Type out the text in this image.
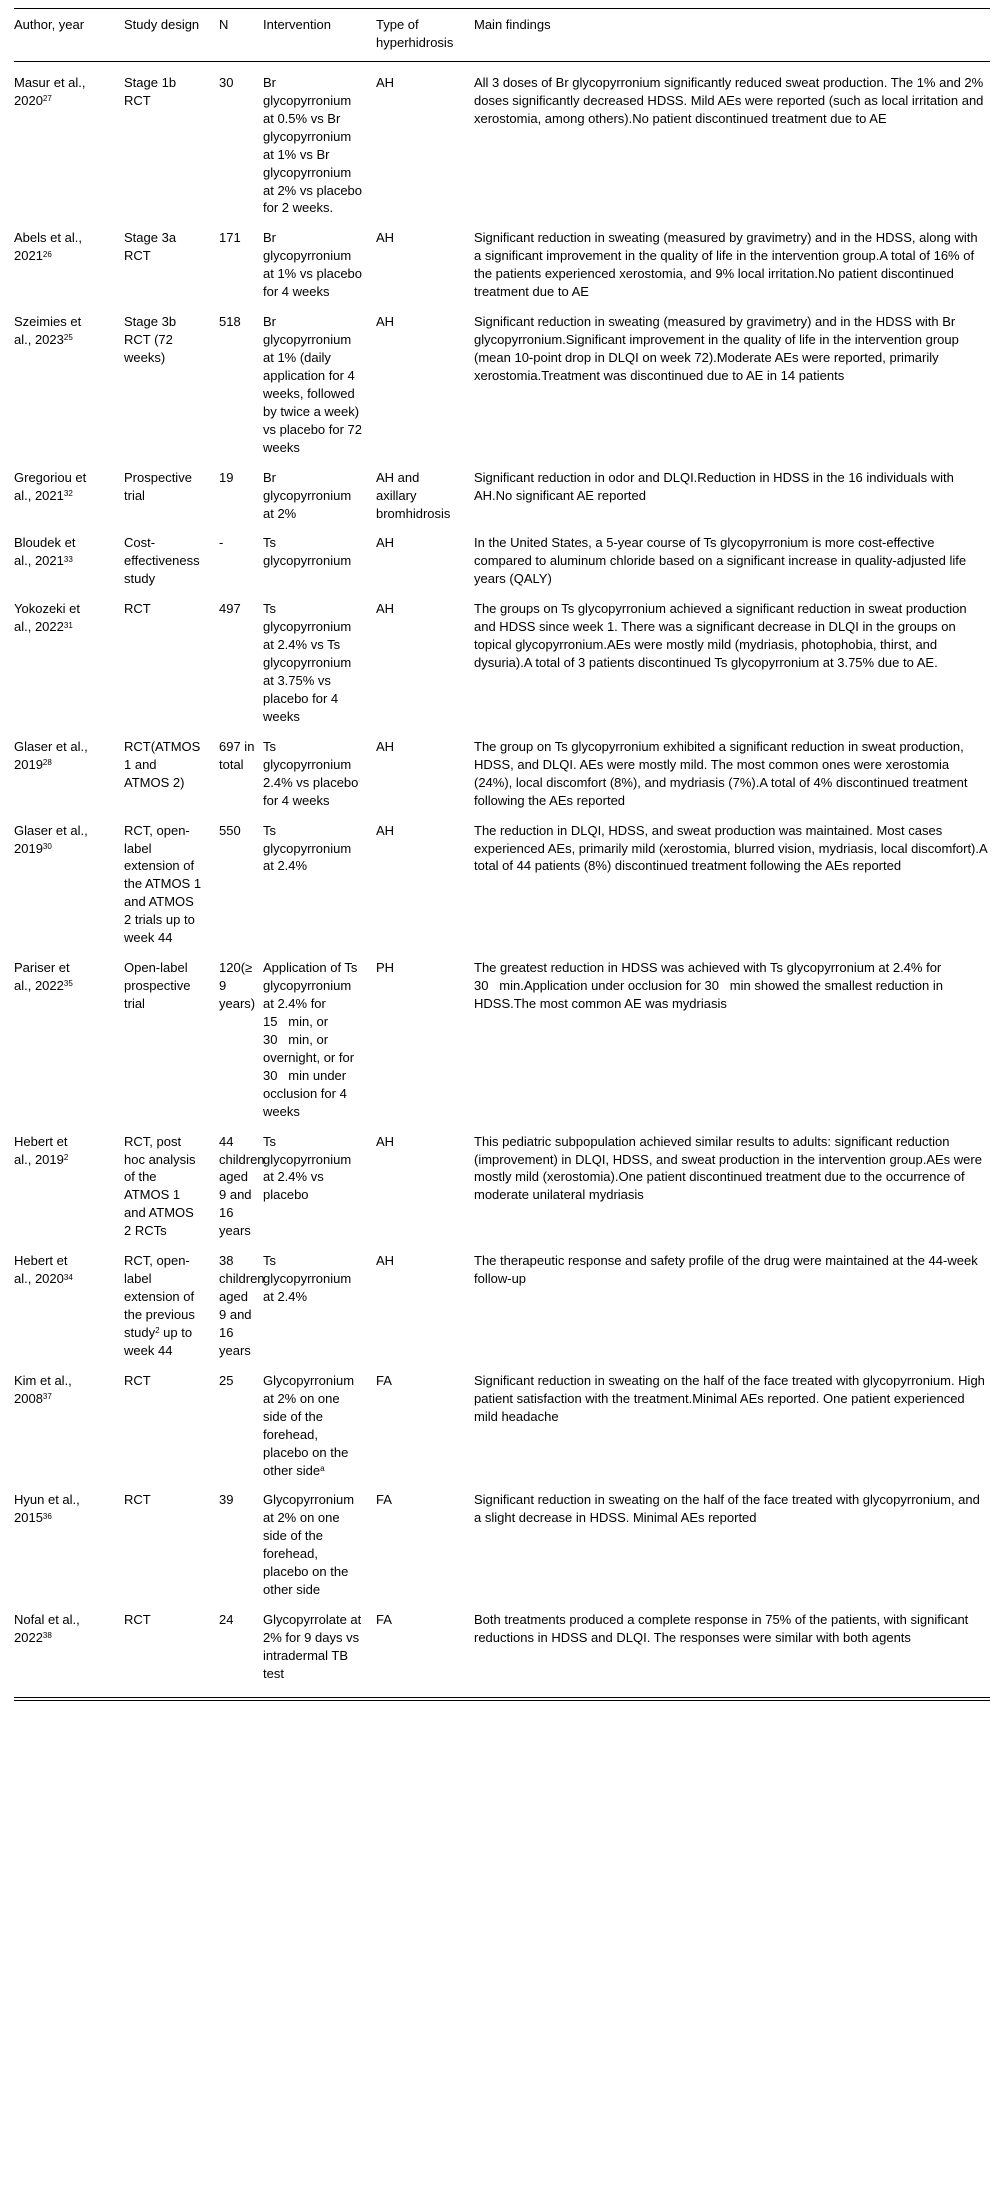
Author, year	Study design	N	Intervention	Type of hyperhidrosis	Main findings
Masur et al., 2020$^{27}$	Stage 1b RCT	30	Br glycopyrronium at 0.5% vs Br glycopyrronium at 1% vs Br glycopyrronium at 2% vs placebo for 2 weeks.	AH	All 3 doses of Br glycopyrronium significantly reduced sweat production. The 1% and 2% doses significantly decreased HDSS. Mild AEs were reported (such as local irritation and xerostomia, among others).No patient discontinued treatment due to AE
Abels et al., 2021$^{26}$	Stage 3a RCT	171	Br glycopyrronium at 1% vs placebo for 4 weeks	AH	Significant reduction in sweating (measured by gravimetry) and in the HDSS, along with a significant improvement in the quality of life in the intervention group.A total of 16% of the patients experienced xerostomia, and 9% local irritation.No patient discontinued treatment due to AE
Szeimies et al., 2023$^{25}$	Stage 3b RCT (72 weeks)	518	Br glycopyrronium at 1% (daily application for 4 weeks, followed by twice a week) vs placebo for 72 weeks	AH	Significant reduction in sweating (measured by gravimetry) and in the HDSS with Br glycopyrronium.Significant improvement in the quality of life in the intervention group (mean 10-point drop in DLQI on week 72).Moderate AEs were reported, primarily xerostomia.Treatment was discontinued due to AE in 14 patients
Gregoriou et al., 2021$^{32}$	Prospective trial	19	Br glycopyrronium at 2%	AH and axillary bromhidrosis	Significant reduction in odor and DLQI.Reduction in HDSS in the 16 individuals with AH.No significant AE reported
Bloudek et al., 2021$^{33}$	Cost-effectiveness study	-	Ts glycopyrronium	AH	In the United States, a 5-year course of Ts glycopyrronium is more cost-effective compared to aluminum chloride based on a significant increase in quality-adjusted life years (QALY)
Yokozeki et al., 2022$^{31}$	RCT	497	Ts glycopyrronium at 2.4% vs Ts glycopyrronium at 3.75% vs placebo for 4 weeks	AH	The groups on Ts glycopyrronium achieved a significant reduction in sweat production and HDSS since week 1. There was a significant decrease in DLQI in the groups on topical glycopyrronium.AEs were mostly mild (mydriasis, photophobia, thirst, and dysuria).A total of 3 patients discontinued Ts glycopyrronium at 3.75% due to AE.
Glaser et al., 2019$^{28}$	RCT(ATMOS 1 and ATMOS 2)	697 in total	Ts glycopyrronium 2.4% vs placebo for 4 weeks	AH	The group on Ts glycopyrronium exhibited a significant reduction in sweat production, HDSS, and DLQI. AEs were mostly mild. The most common ones were xerostomia (24%), local discomfort (8%), and mydriasis (7%).A total of 4% discontinued treatment following the AEs reported
Glaser et al., 2019$^{30}$	RCT, open-label extension of the ATMOS 1 and ATMOS 2 trials up to week 44	550	Ts glycopyrronium at 2.4%	AH	The reduction in DLQI, HDSS, and sweat production was maintained. Most cases experienced AEs, primarily mild (xerostomia, blurred vision, mydriasis, local discomfort).A total of 44 patients (8%) discontinued treatment following the AEs reported
Pariser et al., 2022$^{35}$	Open-label prospective trial	120(≥ 9 years)	Application of Ts glycopyrronium at 2.4% for 15   min, or 30   min, or overnight, or for 30   min under occlusion for 4 weeks	PH	The greatest reduction in HDSS was achieved with Ts glycopyrronium at 2.4% for 30   min.Application under occlusion for 30   min showed the smallest reduction in HDSS.The most common AE was mydriasis
Hebert et al., 2019$^2$	RCT, post hoc analysis of the ATMOS 1 and ATMOS 2 RCTs	44 children aged 9 and 16 years	Ts glycopyrronium at 2.4% vs placebo	AH	This pediatric subpopulation achieved similar results to adults: significant reduction (improvement) in DLQI, HDSS, and sweat production in the intervention group.AEs were mostly mild (xerostomia).One patient discontinued treatment due to the occurrence of moderate unilateral mydriasis
Hebert et al., 2020$^{34}$	RCT, open-label extension of the previous study$^2$ up to week 44	38 children aged 9 and 16 years	Ts glycopyrronium at 2.4%	AH	The therapeutic response and safety profile of the drug were maintained at the 44-week follow-up
Kim et al., 2008$^{37}$	RCT	25	Glycopyrronium at 2% on one side of the forehead, placebo on the other side$^a$	FA	Significant reduction in sweating on the half of the face treated with glycopyrronium. High patient satisfaction with the treatment.Minimal AEs reported. One patient experienced mild headache
Hyun et al., 2015$^{36}$	RCT	39	Glycopyrronium at 2% on one side of the forehead, placebo on the other side	FA	Significant reduction in sweating on the half of the face treated with glycopyrronium, and a slight decrease in HDSS. Minimal AEs reported
Nofal et al., 2022$^{38}$	RCT	24	Glycopyrrolate at 2% for 9 days vs intradermal TB test	FA	Both treatments produced a complete response in 75% of the patients, with significant reductions in HDSS and DLQI. The responses were similar with both agents
